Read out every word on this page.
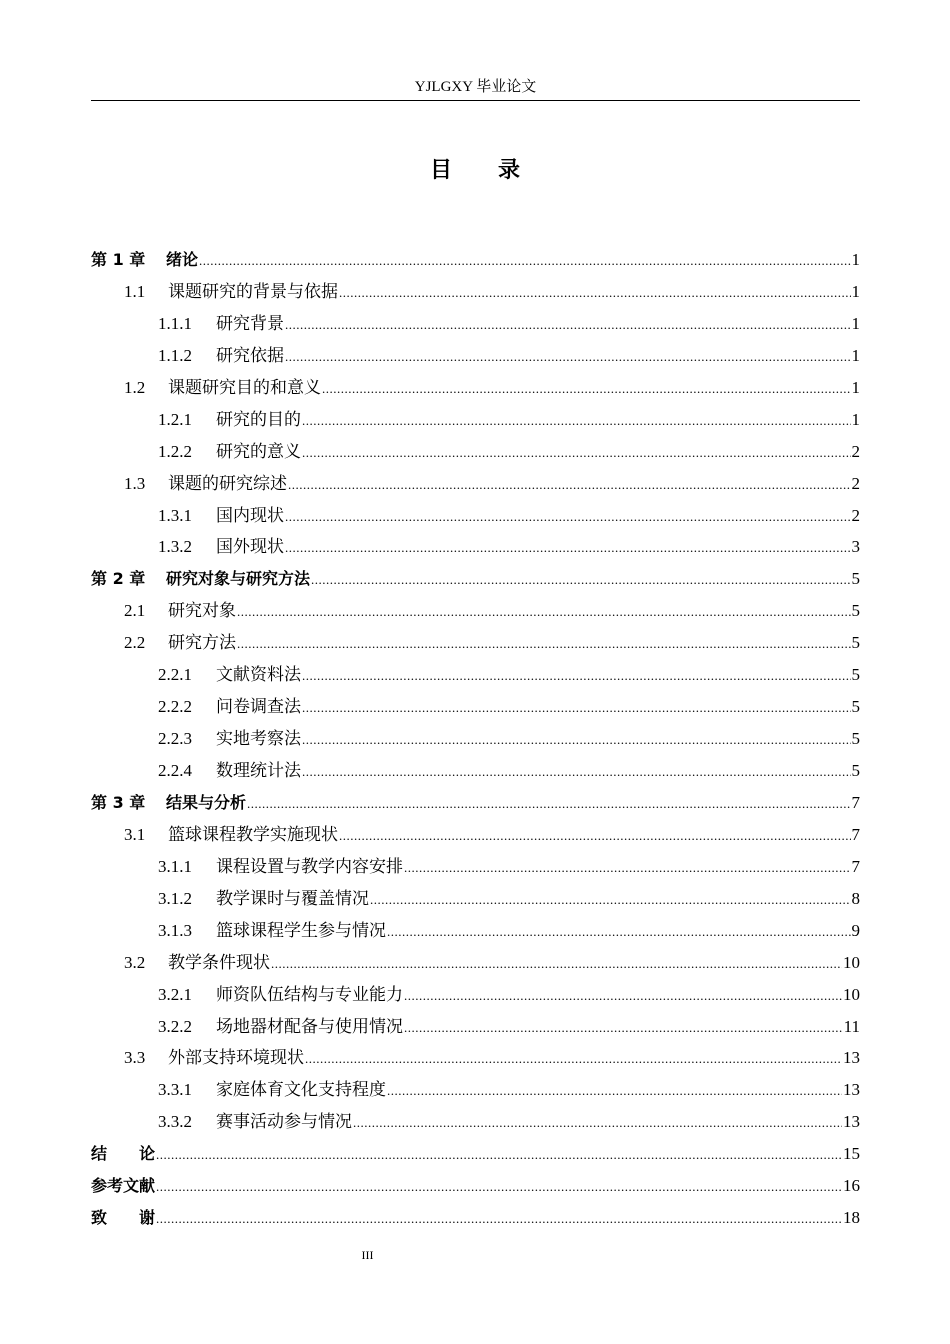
YJLGXY 毕业论文
目 录
第 1 章	绪论 .....	1
1.1	课题研究的背景与依据 .....	1
1.1.1	研究背景 .....	1
1.1.2	研究依据 .....	1
1.2	课题研究目的和意义 .....	1
1.2.1	研究的目的 .....	1
1.2.2	研究的意义 .....	2
1.3	课题的研究综述 .....	2
1.3.1	国内现状 .....	2
1.3.2	国外现状 .....	3
第 2 章	研究对象与研究方法 .....	5
2.1	研究对象 .....	5
2.2	研究方法 .....	5
2.2.1	文献资料法 .....	5
2.2.2	问卷调查法 .....	5
2.2.3	实地考察法 .....	5
2.2.4	数理统计法 .....	5
第 3 章	结果与分析 .....	7
3.1	篮球课程教学实施现状 .....	7
3.1.1	课程设置与教学内容安排 .....	7
3.1.2	教学课时与覆盖情况 .....	8
3.1.3	篮球课程学生参与情况 .....	9
3.2	教学条件现状 .....	10
3.2.1	师资队伍结构与专业能力 .....	10
3.2.2	场地器材配备与使用情况 .....	11
3.3	外部支持环境现状 .....	13
3.3.1	家庭体育文化支持程度 .....	13
3.3.2	赛事活动参与情况 .....	13
结　　论 .....	15
参考文献 .....	16
致　　谢 .....	18
III
